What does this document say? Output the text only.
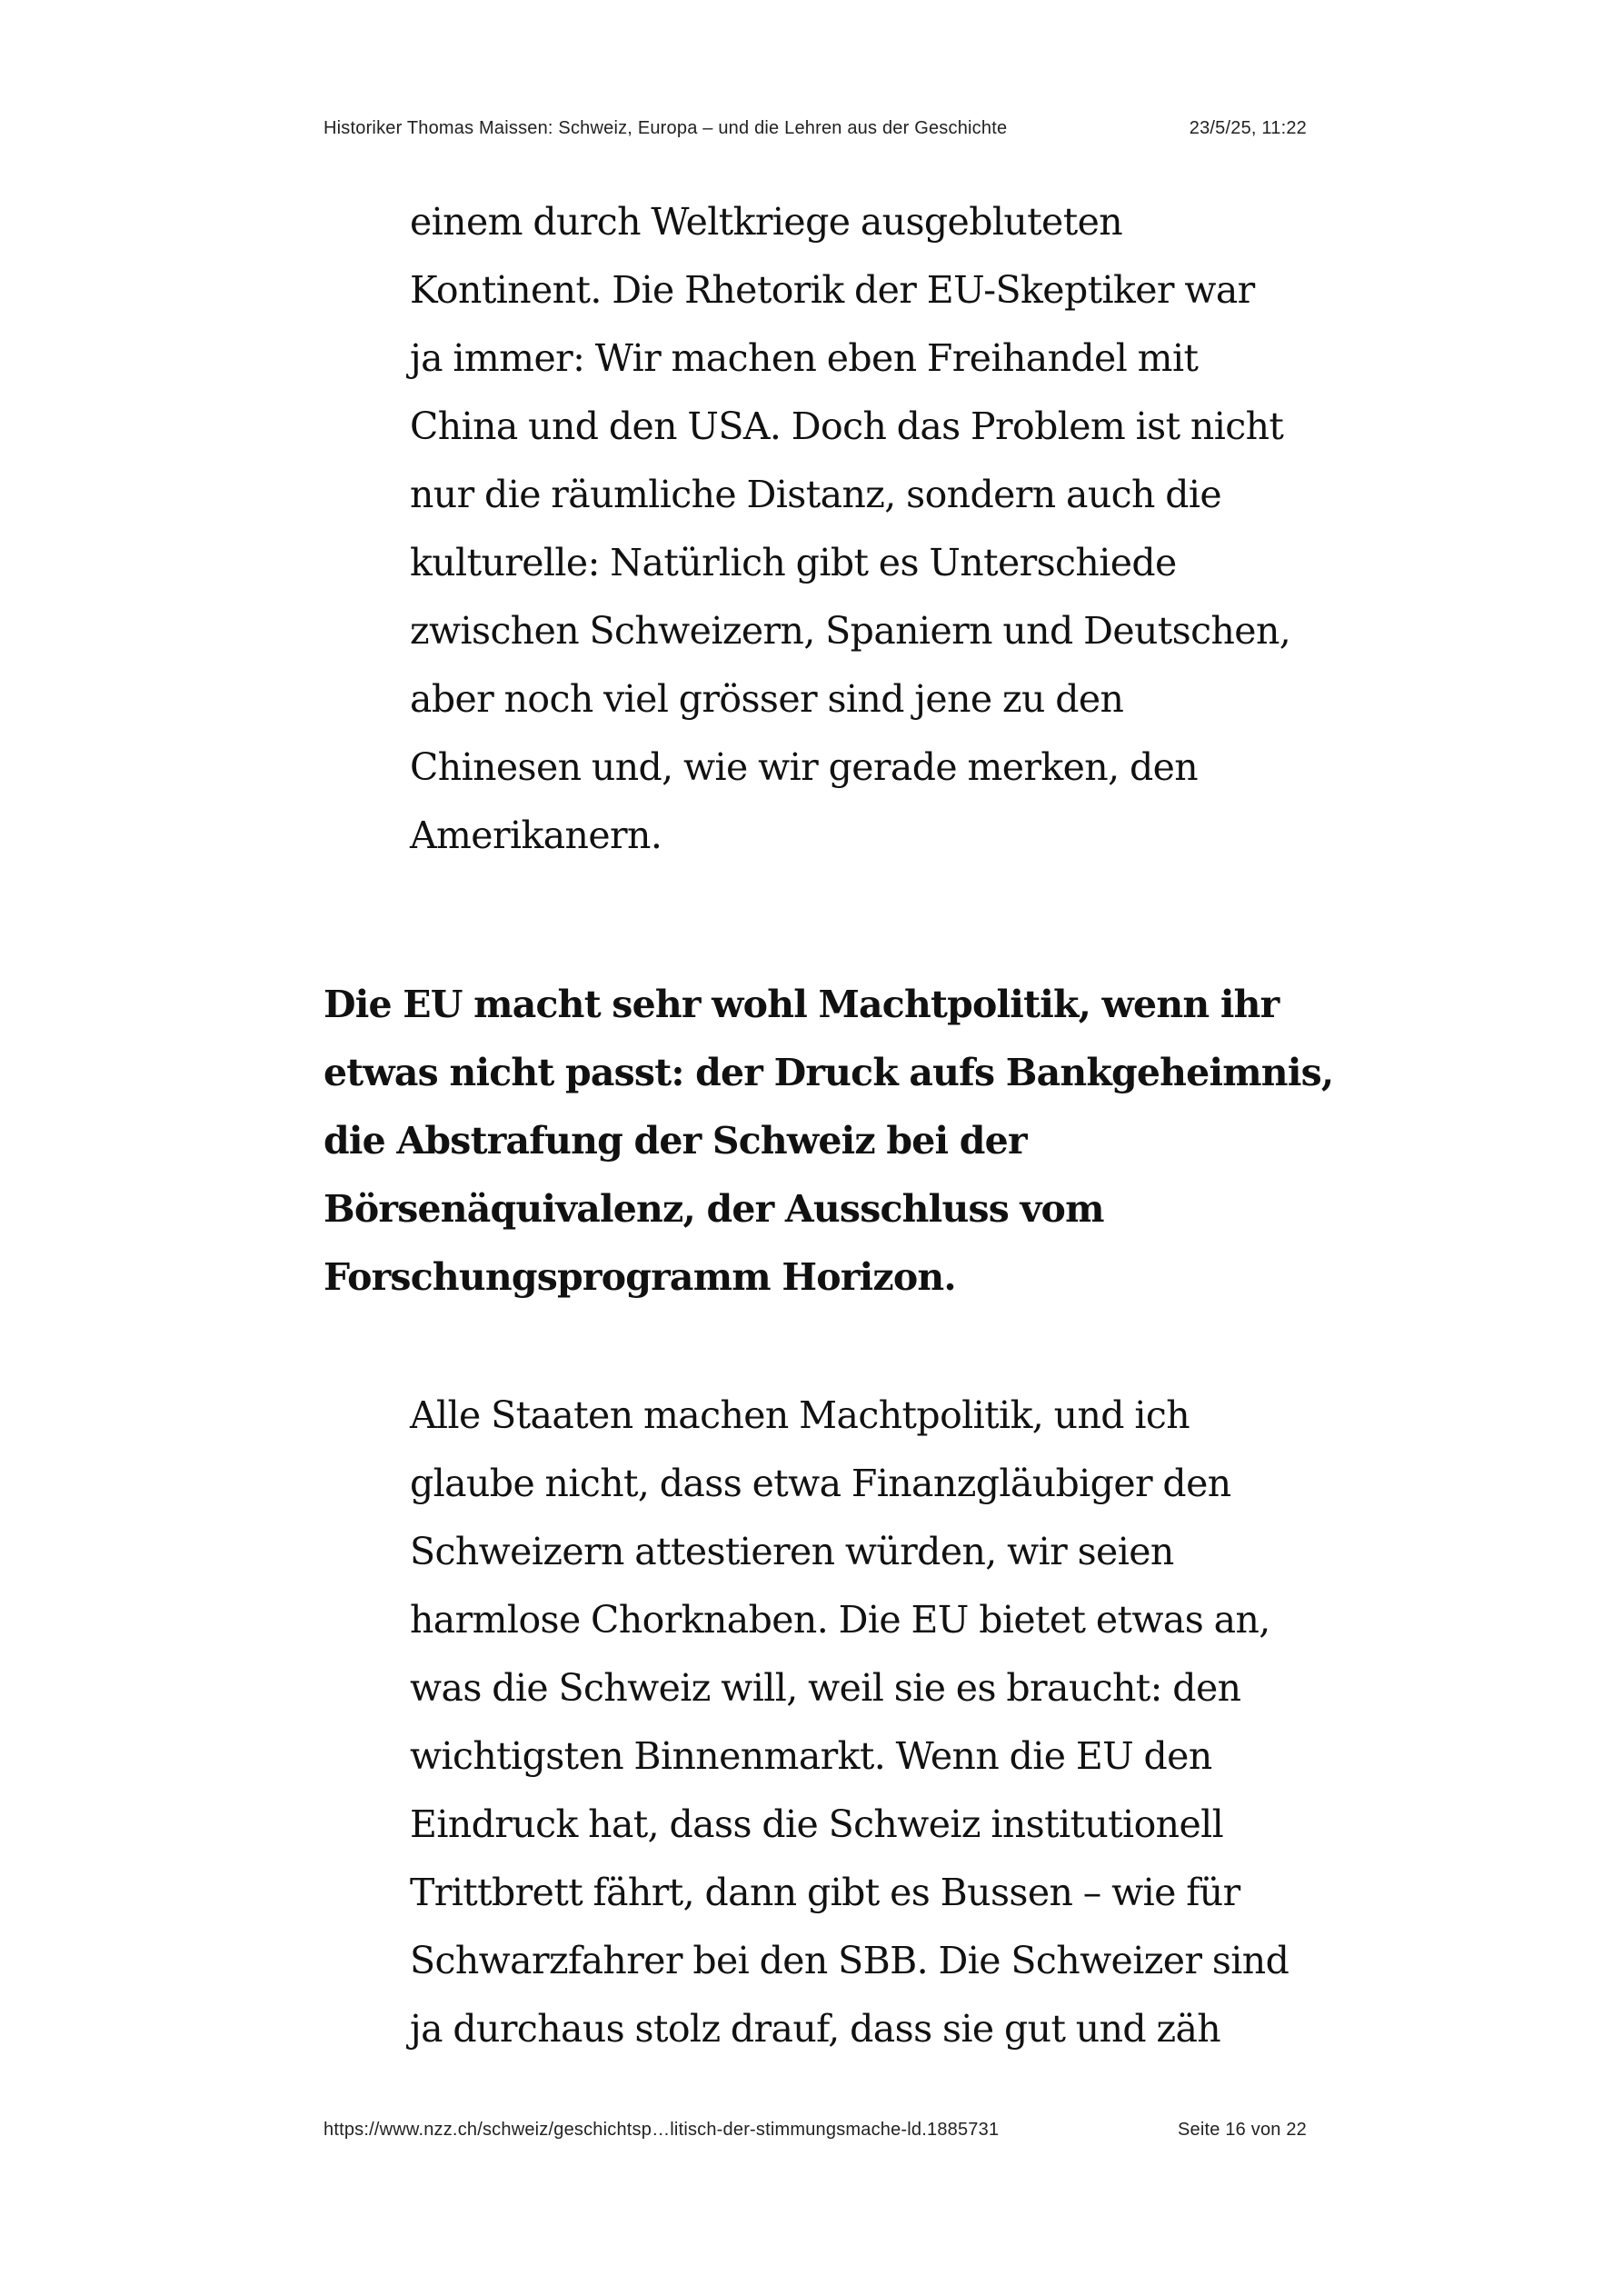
Historiker Thomas Maissen: Schweiz, Europa – und die Lehren aus der Geschichte	23/5/25, 11:22
einem durch Weltkriege ausgebluteten
Kontinent. Die Rhetorik der EU-Skeptiker war
ja immer: Wir machen eben Freihandel mit
China und den USA. Doch das Problem ist nicht
nur die räumliche Distanz, sondern auch die
kulturelle: Natürlich gibt es Unterschiede
zwischen Schweizern, Spaniern und Deutschen,
aber noch viel grösser sind jene zu den
Chinesen und, wie wir gerade merken, den
Amerikanern.
Die EU macht sehr wohl Machtpolitik, wenn ihr
etwas nicht passt: der Druck aufs Bankgeheimnis,
die Abstrafung der Schweiz bei der
Börsenäquivalenz, der Ausschluss vom
Forschungsprogramm Horizon.
Alle Staaten machen Machtpolitik, und ich
glaube nicht, dass etwa Finanzgläubiger den
Schweizern attestieren würden, wir seien
harmlose Chorknaben. Die EU bietet etwas an,
was die Schweiz will, weil sie es braucht: den
wichtigsten Binnenmarkt. Wenn die EU den
Eindruck hat, dass die Schweiz institutionell
Trittbrett fährt, dann gibt es Bussen – wie für
Schwarzfahrer bei den SBB. Die Schweizer sind
ja durchaus stolz drauf, dass sie gut und zäh
https://www.nzz.ch/schweiz/geschichtsp…litisch-der-stimmungsmache-ld.1885731	Seite 16 von 22
